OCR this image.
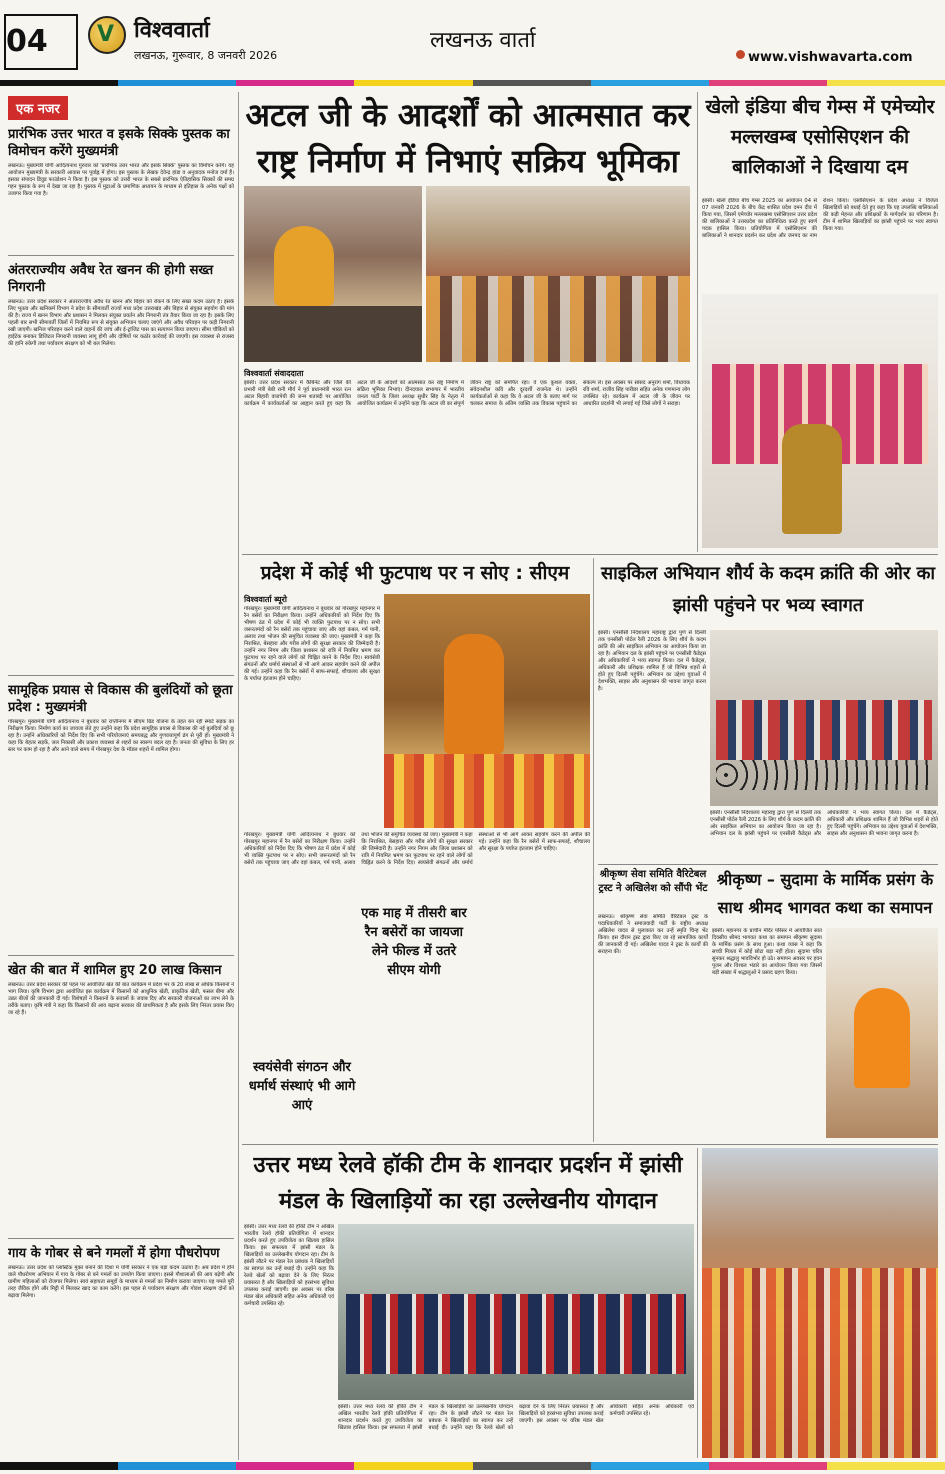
04 V विश्ववार्ता
लखनऊ, गुरूवार, 8 जनवरी 2026
लखनऊ वार्ता
www.vishwavarta.com
एक नजर
प्रारंभिक उत्तर भारत व इसके सिक्के पुस्तक का विमोचन करेंगे मुख्यमंत्री
लखनऊ। मुख्यमंत्री योगी आदित्यनाथ गुरुवार को 'प्रारंभिक उत्तर भारत और इसके सिक्के' पुस्तक का विमोचन करेंगे। यह आयोजन मुख्यमंत्री के सरकारी आवास पर पूर्वाह्न में होगा। इस पुस्तक के लेखक देवेन्द्र हांडा व अनुवादक मनोज दर्मा हैं। इसका संपादन डिवुड फाउंडेशन ने किया है। इस पुस्तक को उत्तरी भारत के सबसे प्रारंभिक ऐतिहासिक सिक्कों की समग्र गहन पुस्तक के रूप में देखा जा रहा है। पुस्तक में मुद्राओं के प्रमाणिक अध्ययन के माध्यम से इतिहास के अनेक पक्षों को उजागर किया गया है।
अंतरराज्यीय अवैध रेत खनन की होगी सख्त निगरानी
लखनऊ। उत्तर प्रदेश सरकार ने अंतरराज्यीय अवैध रेत खनन और बिहार को रोकने के लिए सख्त कदम उठाए हैं। इसके लिए भूतत्व और खनिकर्म विभाग ने प्रदेश के सीमावर्ती राज्यों मध्य प्रदेश उत्तराखंड और बिहार से संयुक्त सहयोग की मांग की है। राज्य में खनन विभाग और प्रशासन ने मिलकर संयुक्त प्रवर्तन और निगरानी तंत्र तैयार किया जा रहा है। इसके लिए पहली बार सभी सीमावर्ती जिलों में नियमित रूप से संयुक्त अभियान चलाए जाएंगे और अवैध परिवहन पर कड़ी निगरानी रखी जाएगी। खनिज परिवहन करने वाले वाहनों की जांच और ई-ट्रांजिट पास का सत्यापन किया जाएगा। सीमा चौकियों को हाईटेक बनाकर डिजिटल निगरानी व्यवस्था लागू होगी और दोषियों पर कठोर कार्रवाई की जाएगी। इस व्यवस्था से राजस्व की हानि रुकेगी तथा पर्यावरण संरक्षण को भी बल मिलेगा।
सामूहिक प्रयास से विकास की बुलंदियों को छूता प्रदेश : मुख्यमंत्री
गोरखपुर। मुख्यमंत्री योगी आदित्यनाथ ने बुधवार को राप्तीनगर में सीएम ग्रिड योजना के तहत बन रही स्मार्ट सड़क का निरीक्षण किया। निर्माण कार्य का जायजा लेते हुए उन्होंने कहा कि प्रदेश सामूहिक प्रयास से विकास की नई बुलंदियों को छू रहा है। उन्होंने अधिकारियों को निर्देश दिए कि सभी परियोजनाएं समयबद्ध और गुणवत्तापूर्ण ढंग से पूरी हों। मुख्यमंत्री ने कहा कि बेहतर सड़कें, जल निकासी और प्रकाश व्यवस्था से शहरों का स्वरूप बदल रहा है। जनता की सुविधा के लिए हर स्तर पर काम हो रहा है और आने वाले समय में गोरखपुर देश के मॉडल शहरों में शामिल होगा।
खेत की बात में शामिल हुए 20 लाख किसान
लखनऊ। उत्तर प्रदेश सरकार की पहल पर आयोजित खेत की बात कार्यक्रम में प्रदेश भर के 20 लाख से अधिक किसानों ने भाग लिया। कृषि विभाग द्वारा आयोजित इस कार्यक्रम में किसानों को आधुनिक खेती, प्राकृतिक खेती, फसल बीमा और उन्नत बीजों की जानकारी दी गई। विशेषज्ञों ने किसानों के सवालों के जवाब दिए और सरकारी योजनाओं का लाभ लेने के तरीके बताए। कृषि मंत्री ने कहा कि किसानों की आय बढ़ाना सरकार की प्राथमिकता है और इसके लिए निरंतर प्रयास किए जा रहे हैं।
गाय के गोबर से बने गमलों में होगा पौधरोपण
लखनऊ। उत्तर प्रदेश को प्लास्टिक मुक्त बनाने की दिशा में योगी सरकार ने एक बड़ा कदम उठाया है। अब प्रदेश में होने वाले पौधरोपण अभियान में गाय के गोबर से बने गमलों का उपयोग किया जाएगा। इससे गौशालाओं की आय बढ़ेगी और ग्रामीण महिलाओं को रोजगार मिलेगा। स्वयं सहायता समूहों के माध्यम से गमलों का निर्माण कराया जाएगा। यह गमले पूरी तरह जैविक होंगे और मिट्टी में मिलकर खाद का काम करेंगे। इस पहल से पर्यावरण संरक्षण और गोवंश संरक्षण दोनों को बढ़ावा मिलेगा।
अटल जी के आदर्शों को आत्मसात कर राष्ट्र निर्माण में निभाएं सक्रिय भूमिका
विश्ववार्ता संवाददाता
झांसी। उत्तर प्रदेश सरकार में कैबिनेट और जिले की प्रभारी मंत्री बेबी रानी मौर्य ने पूर्व प्रधानमंत्री भारत रत्न अटल बिहारी वाजपेयी की जन्म शताब्दी पर आयोजित कार्यक्रम में कार्यकर्ताओं का आह्वान करते हुए कहा कि अटल जी के आदर्शों को आत्मसात कर राष्ट्र निर्माण में सक्रिय भूमिका निभाएं। दीनदयाल सभागार में भारतीय जनता पार्टी के जिला अध्यक्ष सुधीर सिंह के नेतृत्व में आयोजित कार्यक्रम में उन्होंने कहा कि अटल जी का संपूर्ण जीवन राष्ट्र को समर्पित रहा। वे एक कुशल वक्ता, संवेदनशील कवि और दूरदर्शी राजनेता थे। उन्होंने कार्यकर्ताओं से कहा कि वे अटल जी के बताए मार्ग पर चलकर समाज के अंतिम व्यक्ति तक विकास पहुंचाने का संकल्प लें। इस अवसर पर सांसद अनुराग शर्मा, विधायक रवि शर्मा, राजीव सिंह पारीछा सहित अनेक गणमान्य लोग उपस्थित रहे। कार्यक्रम में अटल जी के जीवन पर आधारित प्रदर्शनी भी लगाई गई जिसे लोगों ने सराहा।
खेलो इंडिया बीच गेम्स में एमेच्योर मल्लखम्ब एसोसिएशन की बालिकाओं ने दिखाया दम
झांसी। खेलो इंडिया बीच गेम्स 2025 का आयोजन 04 से 07 जनवरी 2026 के बीच केंद्र शासित प्रदेश दमन दीव में किया गया, जिसमें एमेच्योर मल्लखम्ब एसोसिएशन उत्तर प्रदेश की बालिकाओं ने उत्तरप्रदेश का प्रतिनिधित्व करते हुए स्वर्ण पदक हासिल किया। प्रतियोगिता में एसोसिएशन की बालिकाओं ने शानदार प्रदर्शन कर प्रदेश और जनपद का नाम रोशन किया। एसोसिएशन के प्रदेश अध्यक्ष ने विजेता खिलाड़ियों को बधाई देते हुए कहा कि यह उपलब्धि बालिकाओं की कड़ी मेहनत और प्रशिक्षकों के मार्गदर्शन का परिणाम है। टीम में शामिल खिलाड़ियों का झांसी पहुंचने पर भव्य स्वागत किया गया।
प्रदेश में कोई भी फुटपाथ पर न सोए : सीएम
विश्ववार्ता ब्यूरो
गोरखपुर। मुख्यमंत्री योगी आदित्यनाथ ने बुधवार को गोरखपुर महानगर में रैन बसेरों का निरीक्षण किया। उन्होंने अधिकारियों को निर्देश दिए कि भीषण ठंड में प्रदेश में कोई भी व्यक्ति फुटपाथ पर न सोए। सभी जरूरतमंदों को रैन बसेरों तक पहुंचाया जाए और वहां कंबल, गर्म पानी, अलाव तथा भोजन की समुचित व्यवस्था की जाए। मुख्यमंत्री ने कहा कि निराश्रित, बेसहारा और गरीब लोगों की सुरक्षा सरकार की जिम्मेदारी है। उन्होंने नगर निगम और जिला प्रशासन को रात्रि में नियमित भ्रमण कर फुटपाथ पर रहने वाले लोगों को चिह्नित करने के निर्देश दिए। स्वयंसेवी संगठनों और धर्मार्थ संस्थाओं से भी आगे आकर सहयोग करने की अपील की गई। उन्होंने कहा कि रैन बसेरों में साफ-सफाई, शौचालय और सुरक्षा के पर्याप्त इंतजाम होने चाहिए।
गोरखपुर। मुख्यमंत्री योगी आदित्यनाथ ने बुधवार को गोरखपुर महानगर में रैन बसेरों का निरीक्षण किया। उन्होंने अधिकारियों को निर्देश दिए कि भीषण ठंड में प्रदेश में कोई भी व्यक्ति फुटपाथ पर न सोए। सभी जरूरतमंदों को रैन बसेरों तक पहुंचाया जाए और वहां कंबल, गर्म पानी, अलाव तथा भोजन की समुचित व्यवस्था की जाए। मुख्यमंत्री ने कहा कि निराश्रित, बेसहारा और गरीब लोगों की सुरक्षा सरकार की जिम्मेदारी है। उन्होंने नगर निगम और जिला प्रशासन को रात्रि में नियमित भ्रमण कर फुटपाथ पर रहने वाले लोगों को चिह्नित करने के निर्देश दिए। स्वयंसेवी संगठनों और धर्मार्थ संस्थाओं से भी आगे आकर सहयोग करने की अपील की गई। उन्होंने कहा कि रैन बसेरों में साफ-सफाई, शौचालय और सुरक्षा के पर्याप्त इंतजाम होने चाहिए।
एक माह में तीसरी बार रैन बसेरों का जायजा लेने फील्ड में उतरे सीएम योगी
स्वयंसेवी संगठन और धर्मार्थ संस्थाएं भी आगे आएं
साइकिल अभियान शौर्य के कदम क्रांति की ओर का झांसी पहुंचने पर भव्य स्वागत
झांसी। एनसीसी निदेशालय महाराष्ट्र द्वारा पुणे से दिल्ली तक एनसीसी पोर्टल रैली 2026 के लिए शौर्य के कदम क्रांति की ओर साइकिल अभियान का आयोजन किया जा रहा है। अभियान दल के झांसी पहुंचने पर एनसीसी कैडेट्स और अधिकारियों ने भव्य स्वागत किया। दल में कैडेट्स, अधिकारी और प्रशिक्षक शामिल हैं जो विभिन्न शहरों से होते हुए दिल्ली पहुंचेंगे। अभियान का उद्देश्य युवाओं में देशभक्ति, साहस और अनुशासन की भावना जागृत करना है।
झांसी। एनसीसी निदेशालय महाराष्ट्र द्वारा पुणे से दिल्ली तक एनसीसी पोर्टल रैली 2026 के लिए शौर्य के कदम क्रांति की ओर साइकिल अभियान का आयोजन किया जा रहा है। अभियान दल के झांसी पहुंचने पर एनसीसी कैडेट्स और अधिकारियों ने भव्य स्वागत किया। दल में कैडेट्स, अधिकारी और प्रशिक्षक शामिल हैं जो विभिन्न शहरों से होते हुए दिल्ली पहुंचेंगे। अभियान का उद्देश्य युवाओं में देशभक्ति, साहस और अनुशासन की भावना जागृत करना है।
श्रीकृष्ण सेवा समिति वैरिटेबल ट्रस्ट ने अखिलेश को सौंपी भेंट
लखनऊ। श्रीकृष्ण सेवा समिति वैरिटेबल ट्रस्ट के पदाधिकारियों ने समाजवादी पार्टी के राष्ट्रीय अध्यक्ष अखिलेश यादव से मुलाकात कर उन्हें स्मृति चिन्ह भेंट किया। इस दौरान ट्रस्ट द्वारा किए जा रहे सामाजिक कार्यों की जानकारी दी गई। अखिलेश यादव ने ट्रस्ट के कार्यों की सराहना की।
श्रीकृष्ण – सुदामा के मार्मिक प्रसंग के साथ श्रीमद भागवत कथा का समापन
झांसी। महानगर के प्राचीन मंदिर परिसर में आयोजित सात दिवसीय श्रीमद भागवत कथा का समापन श्रीकृष्ण सुदामा के मार्मिक प्रसंग के साथ हुआ। कथा व्यास ने कहा कि सच्ची मित्रता में कोई छोटा बड़ा नहीं होता। सुदामा चरित्र सुनकर श्रद्धालु भावविभोर हो उठे। समापन अवसर पर हवन पूजन और विशाल भंडारे का आयोजन किया गया जिसमें बड़ी संख्या में श्रद्धालुओं ने प्रसाद ग्रहण किया।
उत्तर मध्य रेलवे हॉकी टीम के शानदार प्रदर्शन में झांसी मंडल के खिलाड़ियों का रहा उल्लेखनीय योगदान
झांसी। उत्तर मध्य रेलवे की हॉकी टीम ने अखिल भारतीय रेलवे हॉकी प्रतियोगिता में शानदार प्रदर्शन करते हुए उपविजेता का खिताब हासिल किया। इस सफलता में झांसी मंडल के खिलाड़ियों का उल्लेखनीय योगदान रहा। टीम के झांसी लौटने पर मंडल रेल प्रबंधक ने खिलाड़ियों का स्वागत कर उन्हें बधाई दी। उन्होंने कहा कि रेलवे खेलों को बढ़ावा देने के लिए निरंतर प्रयासरत है और खिलाड़ियों को हरसंभव सुविधा उपलब्ध कराई जाएगी। इस अवसर पर वरिष्ठ मंडल खेल अधिकारी सहित अनेक अधिकारी एवं कर्मचारी उपस्थित रहे।
झांसी। उत्तर मध्य रेलवे की हॉकी टीम ने अखिल भारतीय रेलवे हॉकी प्रतियोगिता में शानदार प्रदर्शन करते हुए उपविजेता का खिताब हासिल किया। इस सफलता में झांसी मंडल के खिलाड़ियों का उल्लेखनीय योगदान रहा। टीम के झांसी लौटने पर मंडल रेल प्रबंधक ने खिलाड़ियों का स्वागत कर उन्हें बधाई दी। उन्होंने कहा कि रेलवे खेलों को बढ़ावा देने के लिए निरंतर प्रयासरत है और खिलाड़ियों को हरसंभव सुविधा उपलब्ध कराई जाएगी। इस अवसर पर वरिष्ठ मंडल खेल अधिकारी सहित अनेक अधिकारी एवं कर्मचारी उपस्थित रहे।
